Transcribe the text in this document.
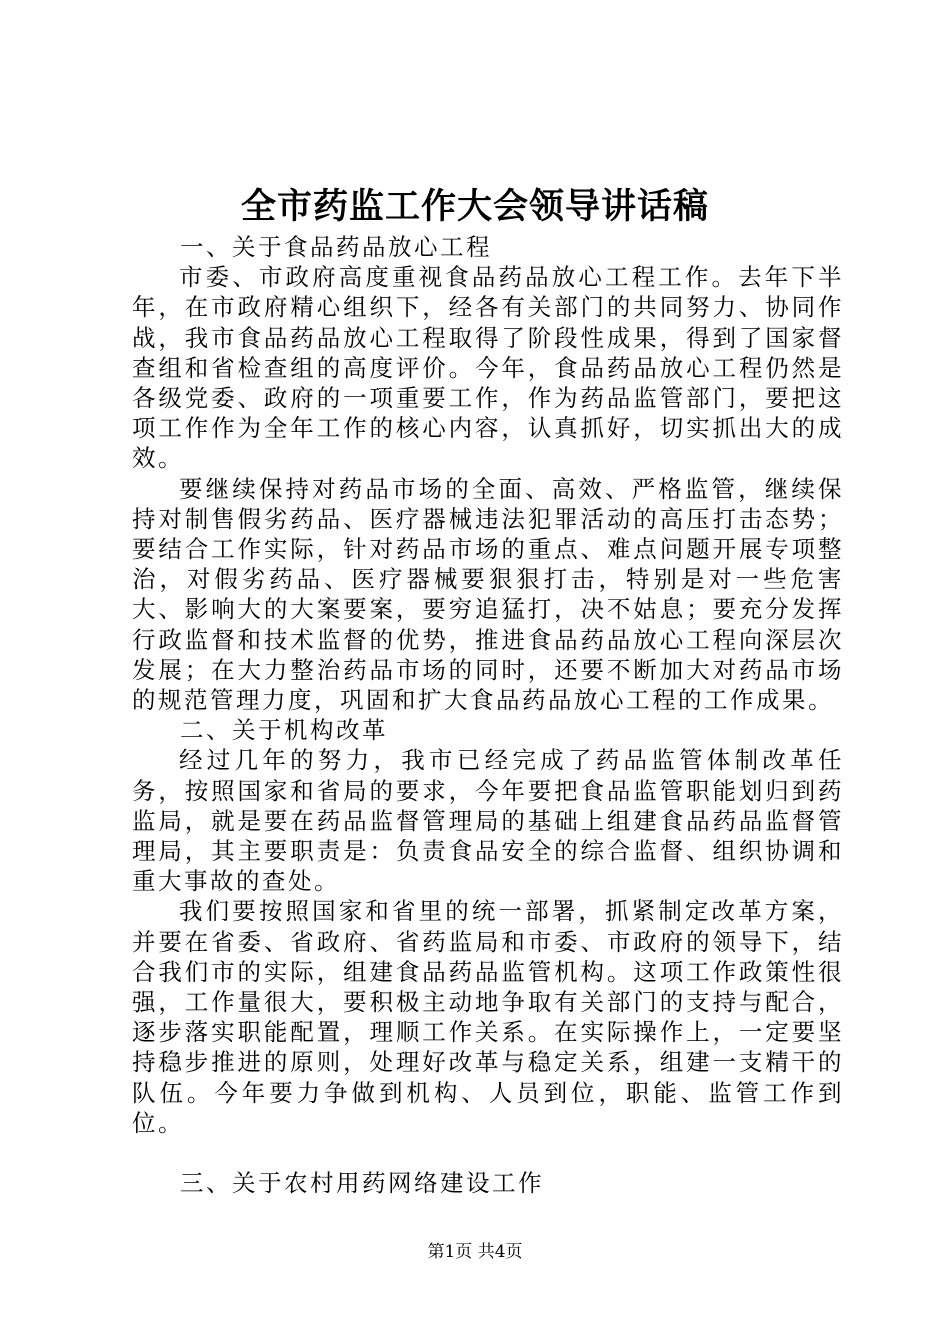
全市药监工作大会领导讲话稿
一、关于食品药品放心工程

市委、市政府高度重视食品药品放心工程工作。去年下半年，在市政府精心组织下，经各有关部门的共同努力、协同作战，我市食品药品放心工程取得了阶段性成果，得到了国家督查组和省检查组的高度评价。今年，食品药品放心工程仍然是各级党委、政府的一项重要工作，作为药品监管部门，要把这项工作作为全年工作的核心内容，认真抓好，切实抓出大的成效。

要继续保持对药品市场的全面、高效、严格监管，继续保持对制售假劣药品、医疗器械违法犯罪活动的高压打击态势；要结合工作实际，针对药品市场的重点、难点问题开展专项整治，对假劣药品、医疗器械要狠狠打击，特别是对一些危害大、影响大的大案要案，要穷追猛打，决不姑息；要充分发挥行政监督和技术监督的优势，推进食品药品放心工程向深层次发展；在大力整治药品市场的同时，还要不断加大对药品市场的规范管理力度，巩固和扩大食品药品放心工程的工作成果。

二、关于机构改革

经过几年的努力，我市已经完成了药品监管体制改革任务，按照国家和省局的要求，今年要把食品监管职能划归到药监局，就是要在药品监督管理局的基础上组建食品药品监督管理局，其主要职责是：负责食品安全的综合监督、组织协调和重大事故的查处。

我们要按照国家和省里的统一部署，抓紧制定改革方案，并要在省委、省政府、省药监局和市委、市政府的领导下，结合我们市的实际，组建食品药品监管机构。这项工作政策性很强，工作量很大，要积极主动地争取有关部门的支持与配合，逐步落实职能配置，理顺工作关系。在实际操作上，一定要坚持稳步推进的原则，处理好改革与稳定关系，组建一支精干的队伍。今年要力争做到机构、人员到位，职能、监管工作到位。

三、关于农村用药网络建设工作
第1页 共4页
